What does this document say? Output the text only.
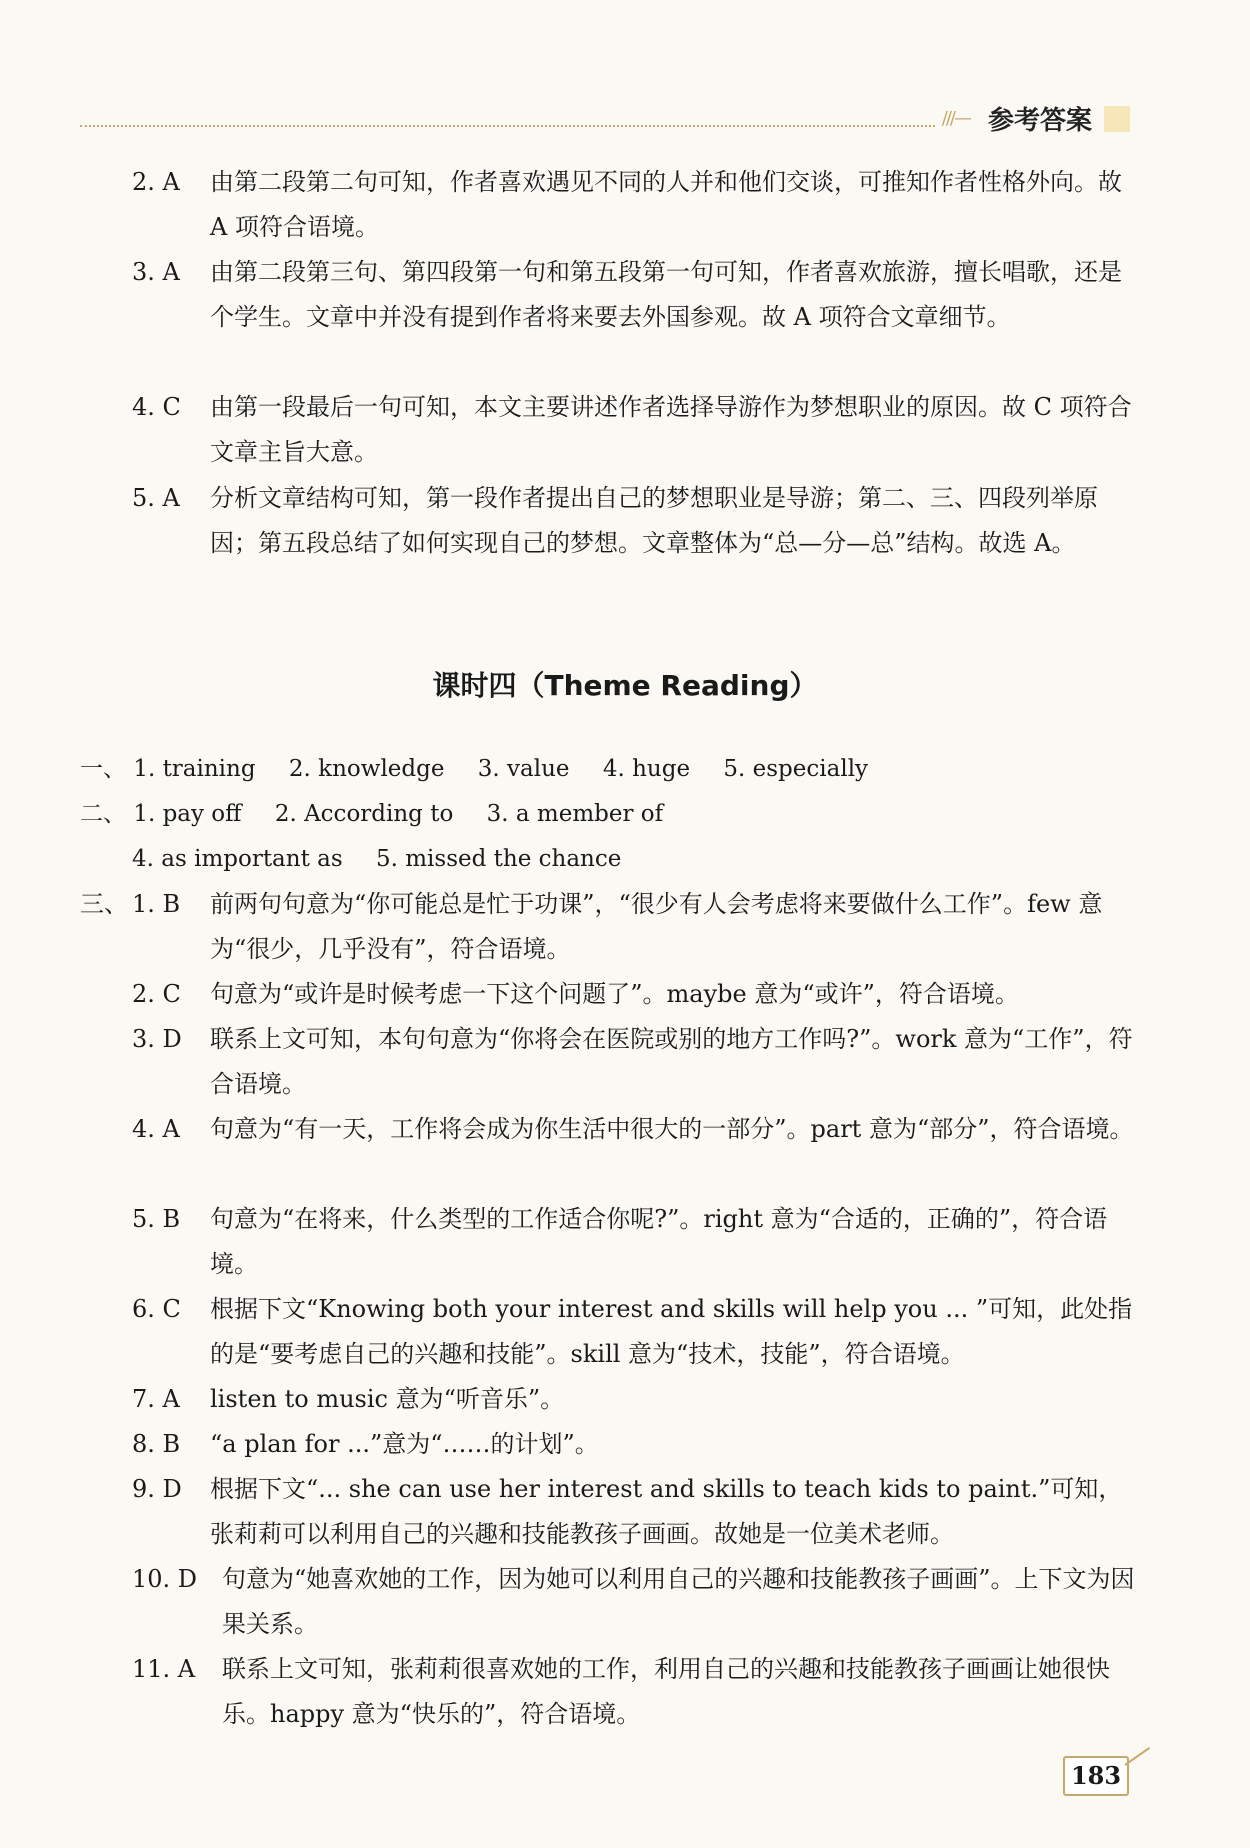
///— 参考答案
2. A 由第二段第二句可知，作者喜欢遇见不同的人并和他们交谈，可推知作者性格外向。故 A 项符合语境。
3. A 由第二段第三句、第四段第一句和第五段第一句可知，作者喜欢旅游，擅长唱歌，还是个学生。文章中并没有提到作者将来要去外国参观。故 A 项符合文章细节。
4. C 由第一段最后一句可知，本文主要讲述作者选择导游作为梦想职业的原因。故 C 项符合文章主旨大意。
5. A 分析文章结构可知，第一段作者提出自己的梦想职业是导游；第二、三、四段列举原因；第五段总结了如何实现自己的梦想。文章整体为“总—分—总”结构。故选 A。
课时四（Theme Reading）
一、 1. training 2. knowledge 3. value 4. huge 5. especially
二、 1. pay off 2. According to 3. a member of
4. as important as 5. missed the chance
三、 1. B 前两句句意为“你可能总是忙于功课”，“很少有人会考虑将来要做什么工作”。few 意为“很少，几乎没有”，符合语境。
2. C 句意为“或许是时候考虑一下这个问题了”。maybe 意为“或许”，符合语境。
3. D 联系上文可知，本句句意为“你将会在医院或别的地方工作吗?”。work 意为“工作”，符合语境。
4. A 句意为“有一天，工作将会成为你生活中很大的一部分”。part 意为“部分”，符合语境。
5. B 句意为“在将来，什么类型的工作适合你呢?”。right 意为“合适的，正确的”，符合语境。
6. C 根据下文“Knowing both your interest and skills will help you ... ”可知，此处指的是“要考虑自己的兴趣和技能”。skill 意为“技术，技能”，符合语境。
7. A listen to music 意为“听音乐”。
8. B “a plan for ...”意为“……的计划”。
9. D 根据下文“... she can use her interest and skills to teach kids to paint.”可知，张莉莉可以利用自己的兴趣和技能教孩子画画。故她是一位美术老师。
10. D 句意为“她喜欢她的工作，因为她可以利用自己的兴趣和技能教孩子画画”。上下文为因果关系。
11. A 联系上文可知，张莉莉很喜欢她的工作，利用自己的兴趣和技能教孩子画画让她很快乐。happy 意为“快乐的”，符合语境。
183
